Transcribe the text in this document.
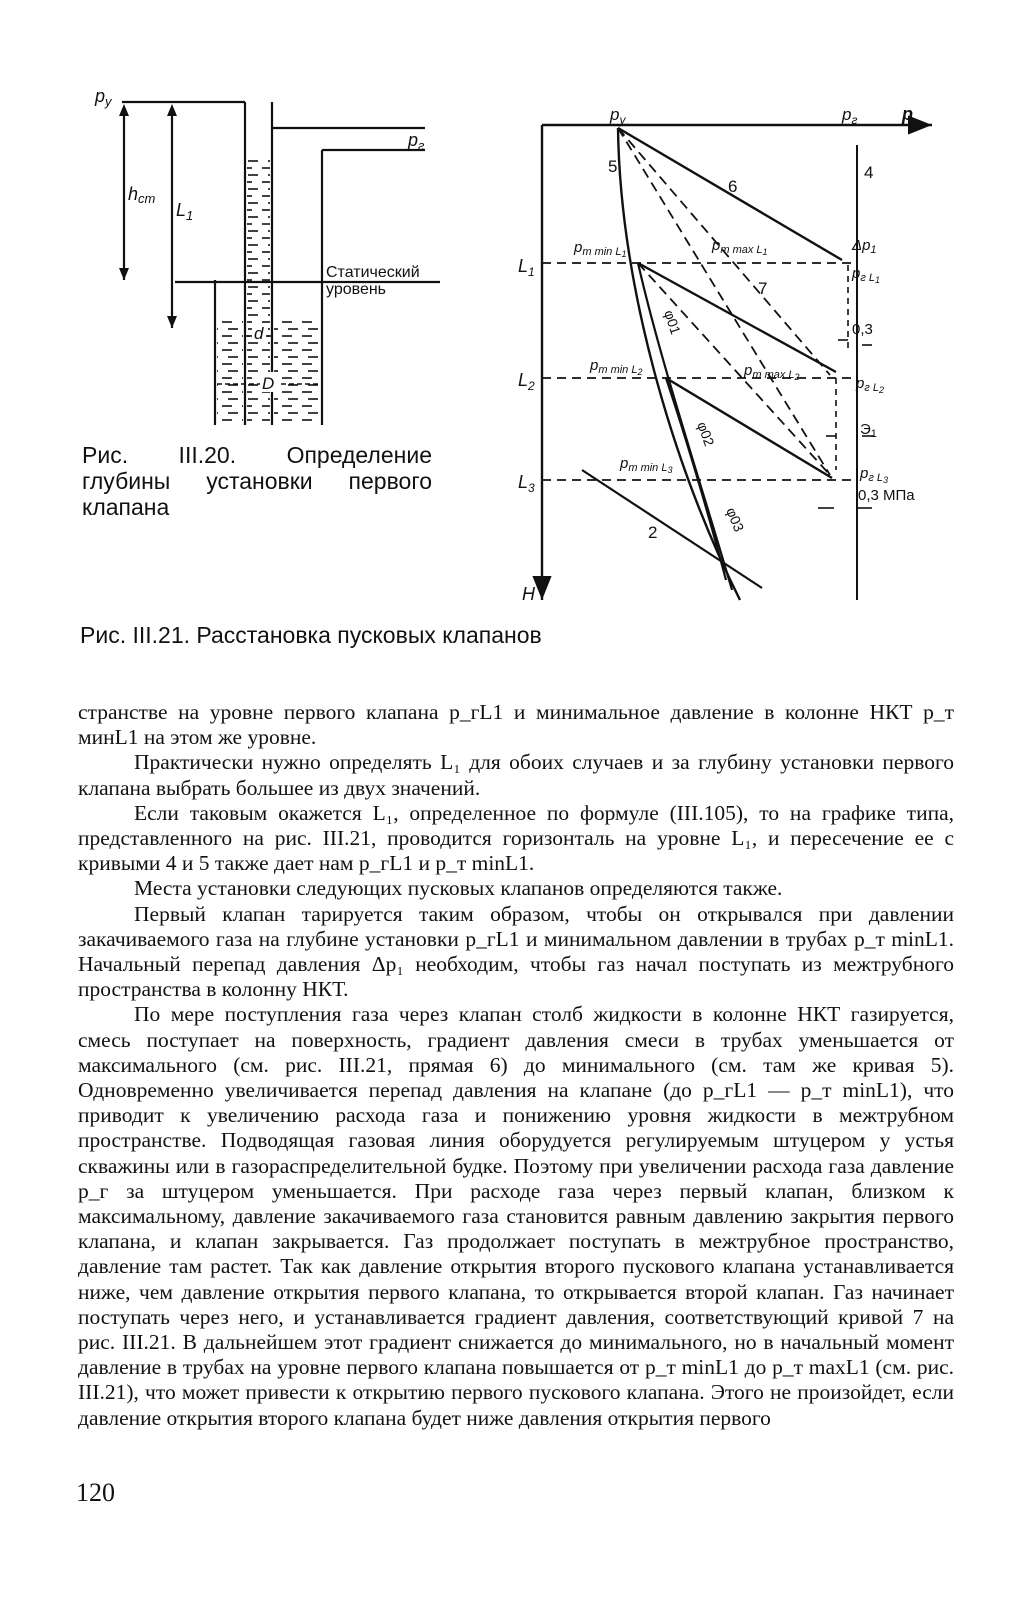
d
D
$p_у$
hст
$L_1$
$p_г$
Статический
уровень
Рис. III.20. Определение глубины установки первого клапана
$p_у$	$p_г$ p
5
6
4
7
2
$L_1$
$L_2$
$L_3$
H
$p_{т min L}1$	$p_{т max L}1$
$p_{т min L}2$	$p_{т max L}2$
$p_{т min L}3$
$\Delta p_1$
$p_{г L}1$
0,3
$p_{г L}2$
$Э_1$
$p_{г L}3$
0,3 МПа
φ01
φ02
φ03
Рис. III.21. Расстановка пусковых клапанов

странстве на уровне первого клапана p_гL1 и минимальное давление в колонне НКТ p_т минL1 на этом же уровне.

Практически нужно определять L₁ для обоих случаев и за глубину установки первого клапана выбрать большее из двух значений.

Если таковым окажется L₁, определенное по формуле (III.105), то на графике типа, представленного на рис. III.21, проводится горизонталь на уровне L₁, и пересечение ее с кривыми 4 и 5 также дает нам p_гL1 и p_т minL1.

Места установки следующих пусковых клапанов определяются также.

Первый клапан тарируется таким образом, чтобы он открывался при давлении закачиваемого газа на глубине установки p_гL1 и минимальном давлении в трубах p_т minL1. Начальный перепад давления Δp₁ необходим, чтобы газ начал поступать из межтрубного пространства в колонну НКТ.

По мере поступления газа через клапан столб жидкости в колонне НКТ газируется, смесь поступает на поверхность, градиент давления смеси в трубах уменьшается от максимального (см. рис. III.21, прямая 6) до минимального (см. там же кривая 5). Одновременно увеличивается перепад давления на клапане (до p_гL1 — p_т minL1), что приводит к увеличению расхода газа и понижению уровня жидкости в межтрубном пространстве. Подводящая газовая линия оборудуется регулируемым штуцером у устья скважины или в газораспределительной будке. Поэтому при увеличении расхода газа давление p_г за штуцером уменьшается. При расходе газа через первый клапан, близком к максимальному, давление закачиваемого газа становится равным давлению закрытия первого клапана, и клапан закрывается. Газ продолжает поступать в межтрубное пространство, давление там растет. Так как давление открытия второго пускового клапана устанавливается ниже, чем давление открытия первого клапана, то открывается второй клапан. Газ начинает поступать через него, и устанавливается градиент давления, соответствующий кривой 7 на рис. III.21. В дальнейшем этот градиент снижается до минимального, но в начальный момент давление в трубах на уровне первого клапана повышается от p_т minL1 до p_т maxL1 (см. рис. III.21), что может привести к открытию первого пускового клапана. Этого не произойдет, если давление открытия второго клапана будет ниже давления открытия первого

120
